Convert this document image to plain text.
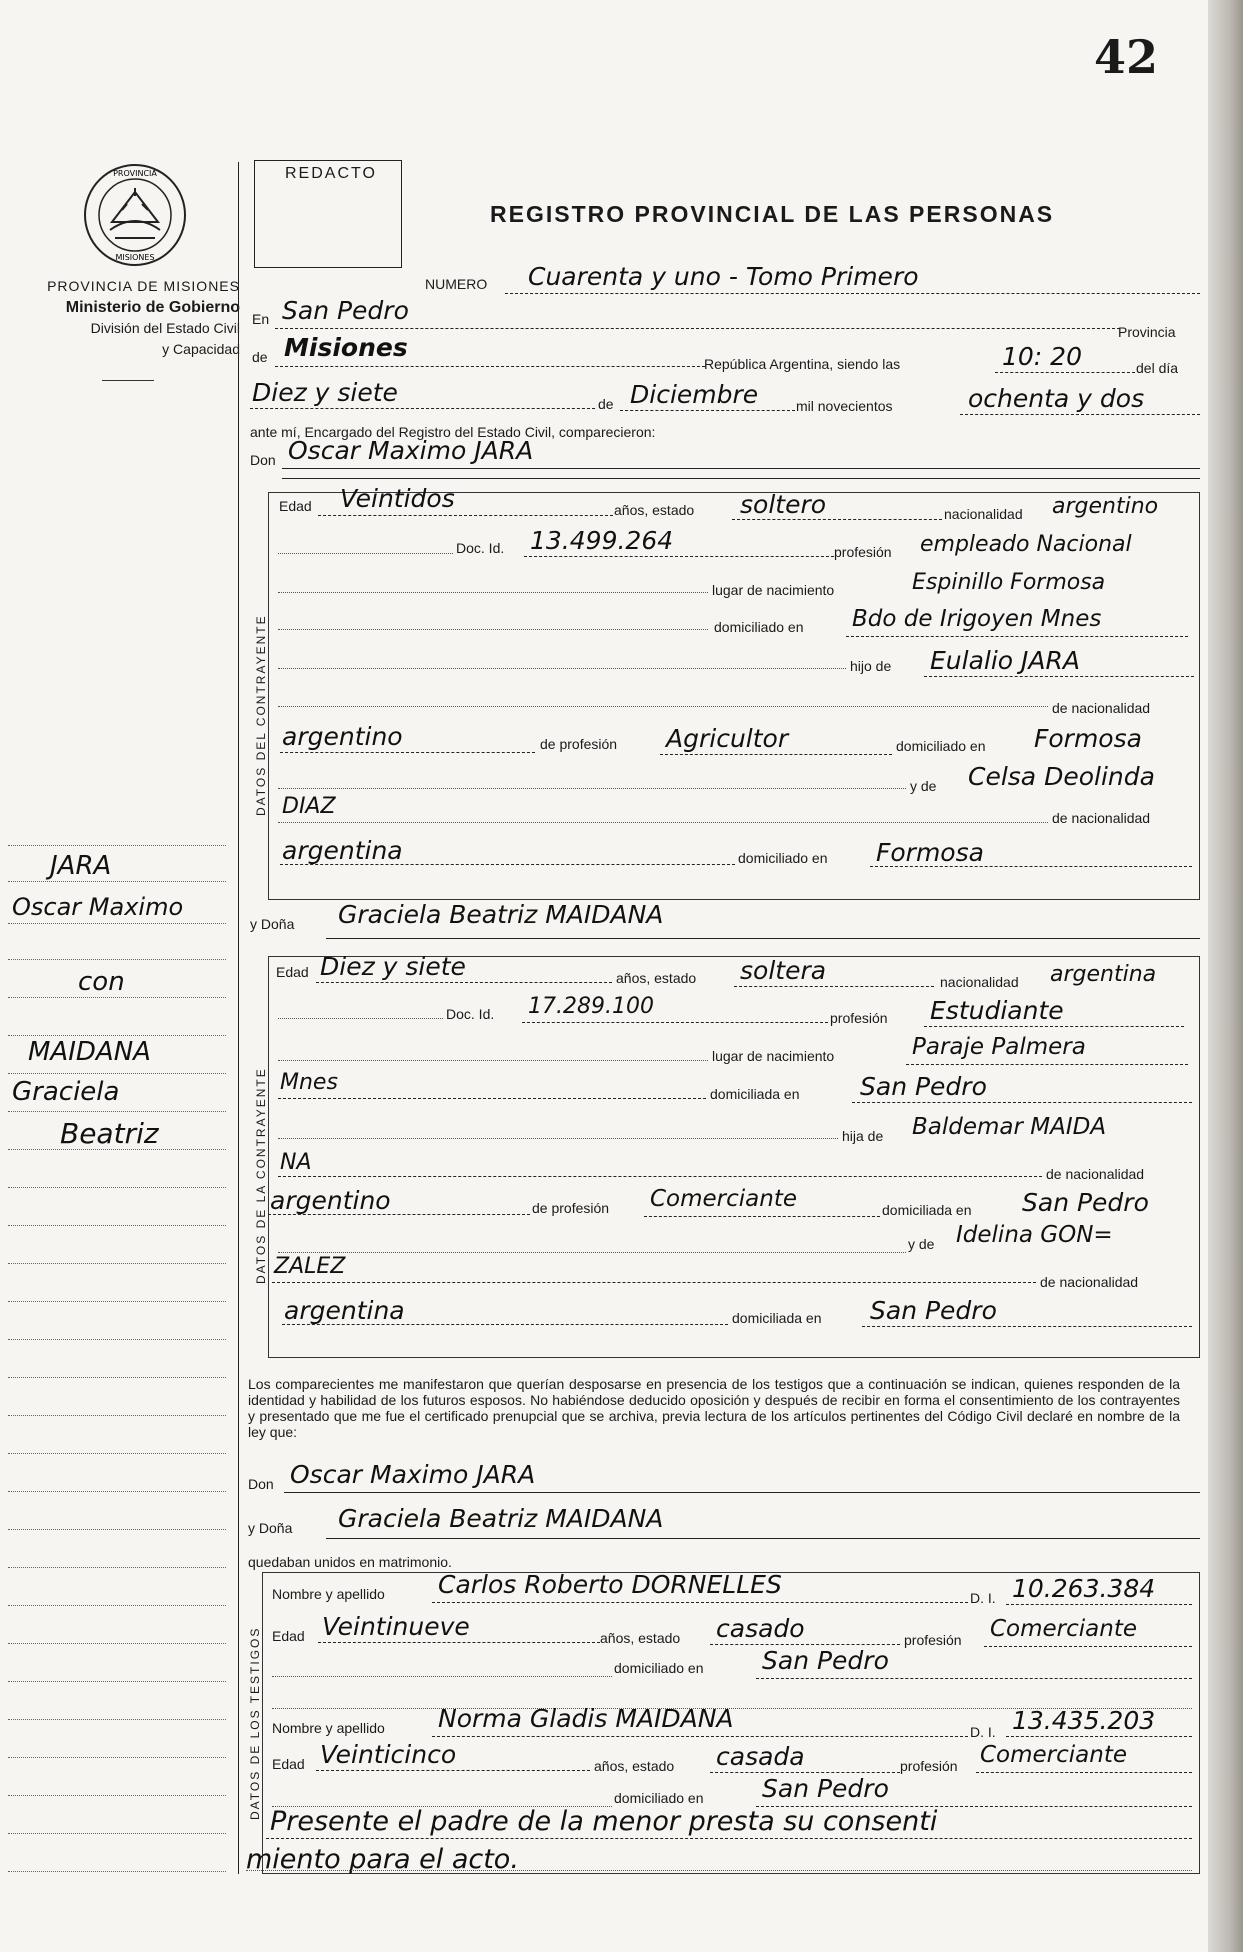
42
PROVINCIA
MISIONES
PROVINCIA DE MISIONES
Ministerio de Gobierno
División del Estado Civil
y Capacidad
JARA
Oscar Maximo
con
MAIDANA
Graciela
Beatriz
REDACTO
REGISTRO PROVINCIAL DE LAS PERSONAS
NUMERO Cuarenta y uno - Tomo Primero
En San Pedro
Provincia
de Misiones
República Argentina, siendo las	10: 20	del día
Diez y siete	de Diciembre	mil novecientos	ochenta y dos
ante mí, Encargado del Registro del Estado Civil, comparecieron:
Don Oscar Maximo JARA
DATOS DEL CONTRAYENTE
Edad Veintidos	años, estado soltero	nacionalidad argentino
Doc. Id. 13.499.264	profesión empleado Nacional
lugar de nacimiento	Espinillo Formosa
domiciliado en Bdo de Irigoyen Mnes
hijo de Eulalio JARA
de nacionalidad
argentino	de profesión Agricultor	domiciliado en Formosa
y de Celsa Deolinda
DIAZ	de nacionalidad
argentina	domiciliado en Formosa
y Doña Graciela Beatriz MAIDANA
DATOS DE LA CONTRAYENTE
Edad Diez y siete	años, estado soltera	nacionalidad argentina
Doc. Id. 17.289.100	profesión Estudiante
lugar de nacimiento	Paraje Palmera
Mnes	domiciliada en San Pedro
hija de Baldemar MAIDA
NA	de nacionalidad
argentino	de profesión Comerciante	domiciliada en San Pedro
y de Idelina GON=
ZALEZ
de nacionalidad
argentina	domiciliada en San Pedro
Los comparecientes me manifestaron que querían desposarse en presencia de los testigos que a continuación se indican, quienes responden de la identidad y habilidad de los futuros esposos. No habiéndose deducido oposición y después de recibir en forma el consentimiento de los contrayentes y presentado que me fue el certificado prenupcial que se archiva, previa lectura de los artículos pertinentes del Código Civil declaré en nombre de la ley que:
Don Oscar Maximo JARA
y Doña Graciela Beatriz MAIDANA
quedaban unidos en matrimonio.
DATOS DE LOS TESTIGOS
Nombre y apellido Carlos Roberto DORNELLES	D. I. 10.263.384
Edad Veintinueve	años, estado casado	profesión Comerciante
domiciliado en San Pedro
Nombre y apellido Norma Gladis MAIDANA	D. I. 13.435.203
Edad Veinticinco	años, estado casada	profesión Comerciante
domiciliado en San Pedro
Presente el padre de la menor presta su consenti
miento para el acto.
